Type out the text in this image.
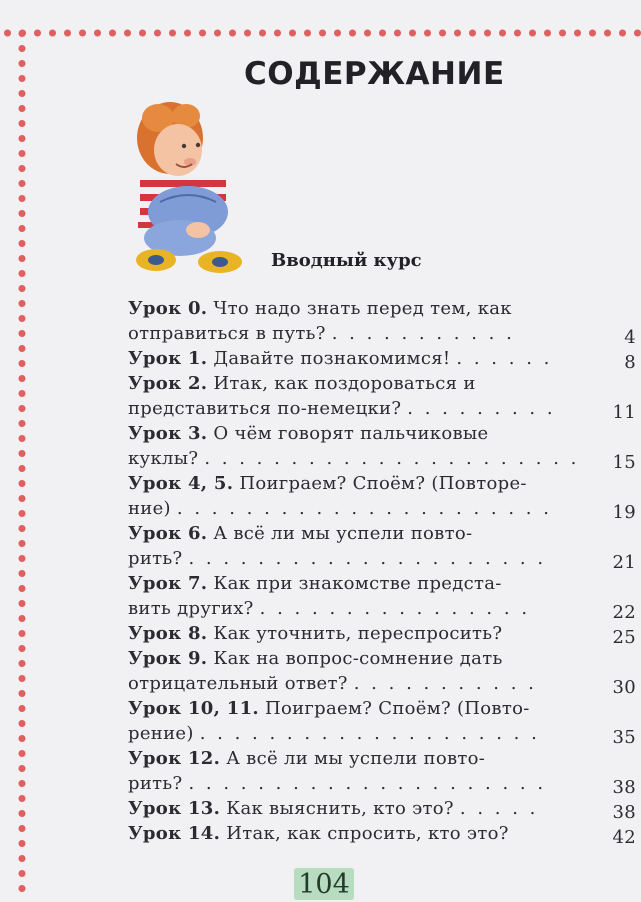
СОДЕРЖАНИЕ
Вводный курс
Урок 0. Что надо знать перед тем, как
отправиться в путь? . . . . . . . . . . .	4
Урок 1. Давайте познакомимся! . . . . . .	8
Урок 2. Итак, как поздороваться и
представиться по-немецки? . . . . . . . . .	11
Урок 3. О чём говорят пальчиковые
куклы? . . . . . . . . . . . . . . . . . . . . . . 15
Урок 4, 5. Поиграем? Споём? (Повторе-
ние) . . . . . . . . . . . . . . . . . . . . . .	19
Урок 6. А всё ли мы успели повто-
рить? . . . . . . . . . . . . . . . . . . . . .	21
Урок 7. Как при знакомстве предста-
вить других? . . . . . . . . . . . . . . . .	22
Урок 8. Как уточнить, переспросить?	25
Урок 9. Как на вопрос-сомнение дать
отрицательный ответ? . . . . . . . . . . .	30
Урок 10, 11. Поиграем? Споём? (Повто-
рение) . . . . . . . . . . . . . . . . . . . .	35
Урок 12. А всё ли мы успели повто-
рить? . . . . . . . . . . . . . . . . . . . . .	38
Урок 13. Как выяснить, кто это? . . . . .	38
Урок 14. Итак, как спросить, кто это?	42
104
